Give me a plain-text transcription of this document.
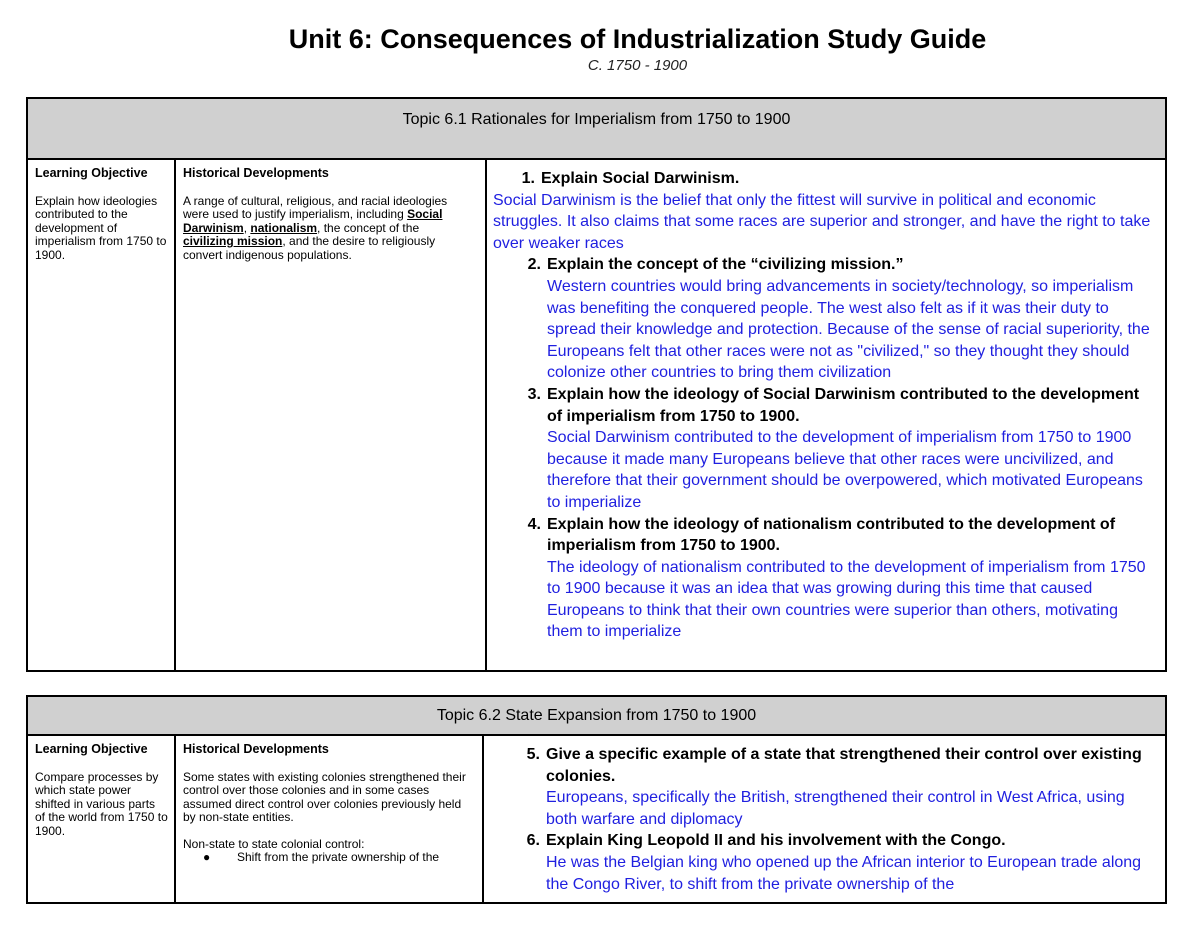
Unit 6: Consequences of Industrialization Study Guide
C. 1750 - 1900
Topic 6.1 Rationales for Imperialism from 1750 to 1900
Learning Objective
Explain how ideologies contributed to the development of imperialism from 1750 to 1900.
Historical Developments
A range of cultural, religious, and racial ideologies were used to justify imperialism, including Social Darwinism, nationalism, the concept of the civilizing mission, and the desire to religiously convert indigenous populations.
1. Explain Social Darwinism.
Social Darwinism is the belief that only the fittest will survive in political and economic struggles. It also claims that some races are superior and stronger, and have the right to take over weaker races
2. Explain the concept of the “civilizing mission.”
Western countries would bring advancements in society/technology, so imperialism was benefiting the conquered people. The west also felt as if it was their duty to spread their knowledge and protection. Because of the sense of racial superiority, the Europeans felt that other races were not as "civilized," so they thought they should colonize other countries to bring them civilization
3. Explain how the ideology of Social Darwinism contributed to the development of imperialism from 1750 to 1900.
Social Darwinism contributed to the development of imperialism from 1750 to 1900 because it made many Europeans believe that other races were uncivilized, and therefore that their government should be overpowered, which motivated Europeans to imperialize
4. Explain how the ideology of nationalism contributed to the development of imperialism from 1750 to 1900.
The ideology of nationalism contributed to the development of imperialism from 1750 to 1900 because it was an idea that was growing during this time that caused Europeans to think that their own countries were superior than others, motivating them to imperialize
Topic 6.2 State Expansion from 1750 to 1900
Learning Objective
Compare processes by which state power shifted in various parts of the world from 1750 to 1900.
Historical Developments
Some states with existing colonies strengthened their control over those colonies and in some cases assumed direct control over colonies previously held by non-state entities.
Non-state to state colonial control:
●	Shift from the private ownership of the
5. Give a specific example of a state that strengthened their control over existing colonies.
Europeans, specifically the British, strengthened their control in West Africa, using both warfare and diplomacy
6. Explain King Leopold II and his involvement with the Congo.
He was the Belgian king who opened up the African interior to European trade along the Congo River, to shift from the private ownership of the
